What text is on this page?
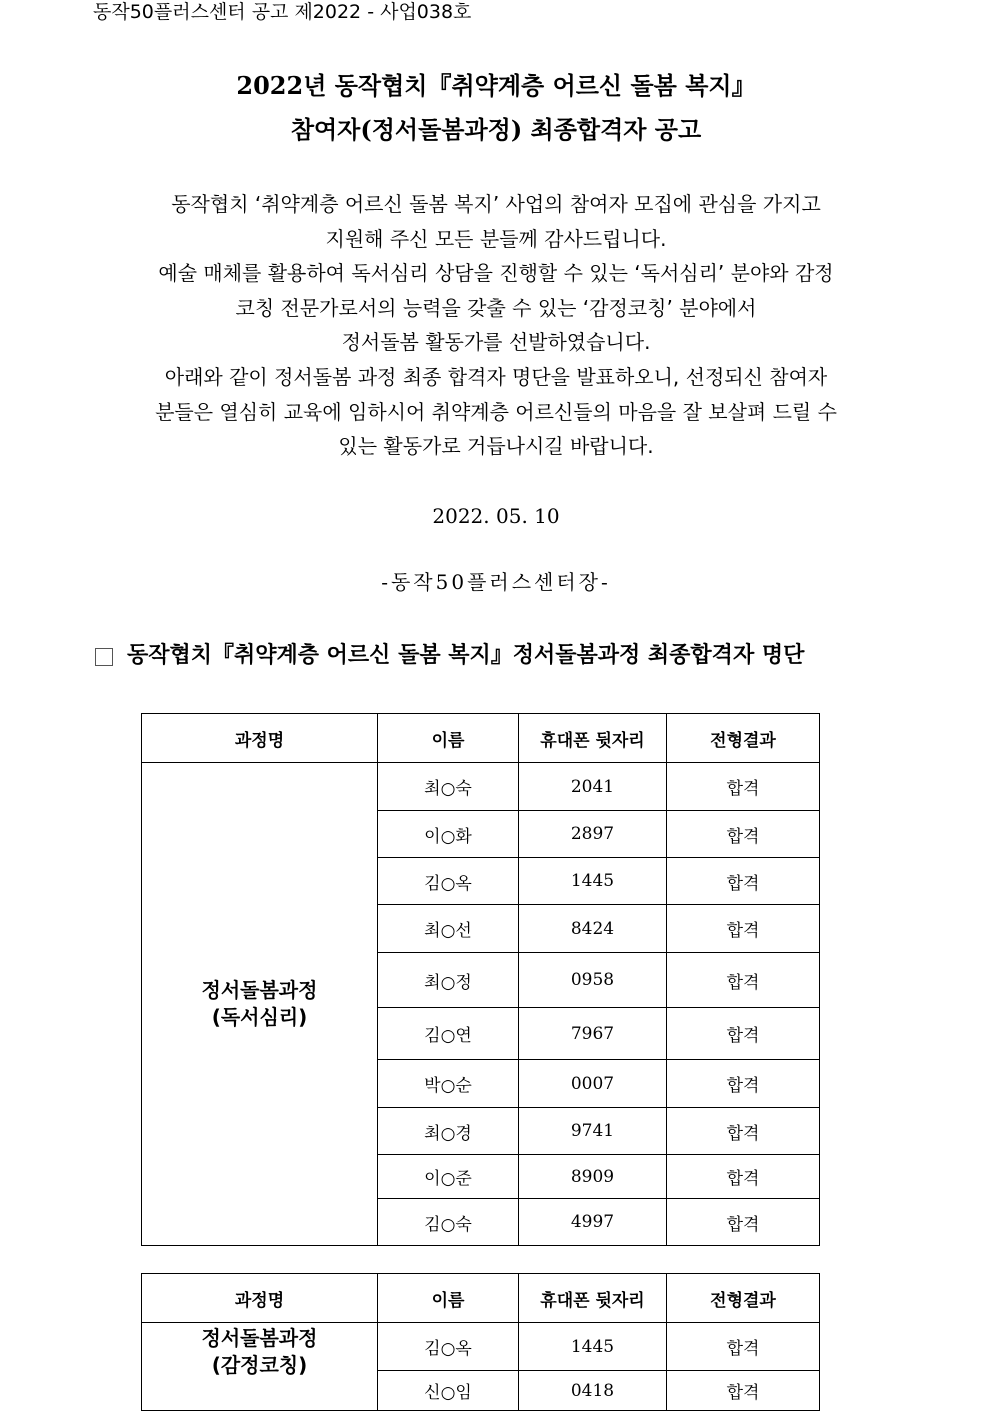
동작50플러스센터 공고 제2022 - 사업038호
2022년 동작협치『취약계층 어르신 돌봄 복지』
참여자(정서돌봄과정) 최종합격자 공고
동작협치 ‘취약계층 어르신 돌봄 복지’ 사업의 참여자 모집에 관심을 가지고
지원해 주신 모든 분들께 감사드립니다.
예술 매체를 활용하여 독서심리 상담을 진행할 수 있는 ‘독서심리’ 분야와 감정
코칭 전문가로서의 능력을 갖출 수 있는 ‘감정코칭’ 분야에서
정서돌봄 활동가를 선발하였습니다.
아래와 같이 정서돌봄 과정 최종 합격자 명단을 발표하오니, 선정되신 참여자
분들은 열심히 교육에 임하시어 취약계층 어르신들의 마음을 잘 보살펴 드릴 수
있는 활동가로 거듭나시길 바랍니다.
2022. 05. 10
-동작50플러스센터장-
동작협치『취약계층 어르신 돌봄 복지』정서돌봄과정 최종합격자 명단
과정명	이름	휴대폰 뒷자리	전형결과

정서돌봄과정
(독서심리)	최○숙	2041	합격
	이○화	2897	합격
	김○옥	1445	합격
	최○선	8424	합격
	최○정	0958	합격
	김○연	7967	합격
	박○순	0007	합격
	최○경	9741	합격
	이○준	8909	합격
	김○숙	4997	합격
과정명	이름	휴대폰 뒷자리	전형결과

정서돌봄과정
(감정코칭)	김○옥	1445	합격
	신○임	0418	합격
